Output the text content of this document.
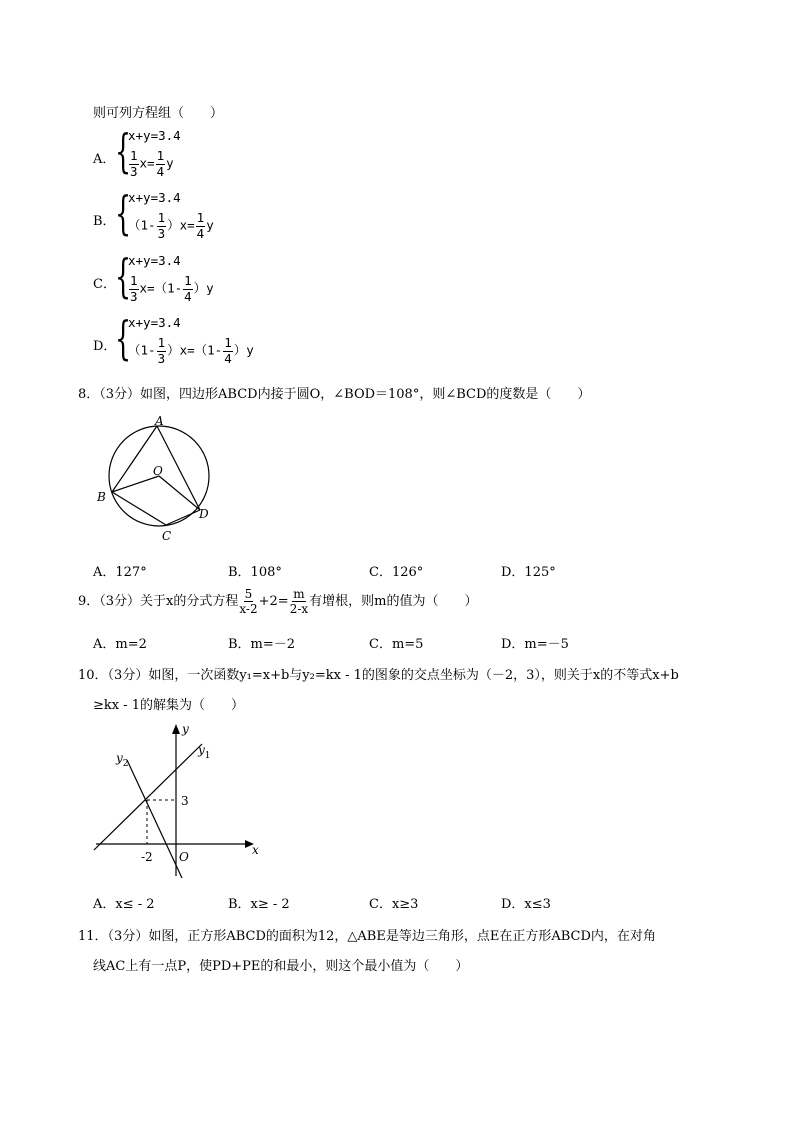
则可列方程组（　　）
A． {
x+y=3.4
$\frac{1}{3} x= \frac{1}{4}$ y
B． {
x+y=3.4
$(1- \frac{1}{3} )x= \frac{1}{4}$ y
C． {
x+y=3.4
$\frac{1}{3} x=(1- \frac{1}{4} )y$
D．
{
x+y=3.4
$(1- \frac{1}{3} )x=(1- \frac{1}{4} )y$
8．（3分）如图，四边形ABCD内接于圆O，∠BOD＝108°，则∠BCD的度数是（　　）
A
O
B
D
C
A．127°	B．108°	C．126°	D．125°
9．（3分）关于x的分式方程 $\frac{5}{x-2} +2= \frac{m}{2-x}$ 有增根，则m的值为（　　）
A．m=2	B．m=－2	C．m=5	D．m=－5
10．（3分）如图，一次函数y₁=x+b与y₂=kx - 1的图象的交点坐标为（－2，3），则关于x的不等式x+b
≥kx - 1的解集为（　　）
y
x
$y_1$
$y_2$
3
-2 O
A．x≤ - 2	B．x≥ - 2	C．x≥3	D．x≤3
11．（3分）如图，正方形ABCD的面积为12，△ABE是等边三角形，点E在正方形ABCD内，在对角
线AC上有一点P，使PD+PE的和最小，则这个最小值为（　　）
